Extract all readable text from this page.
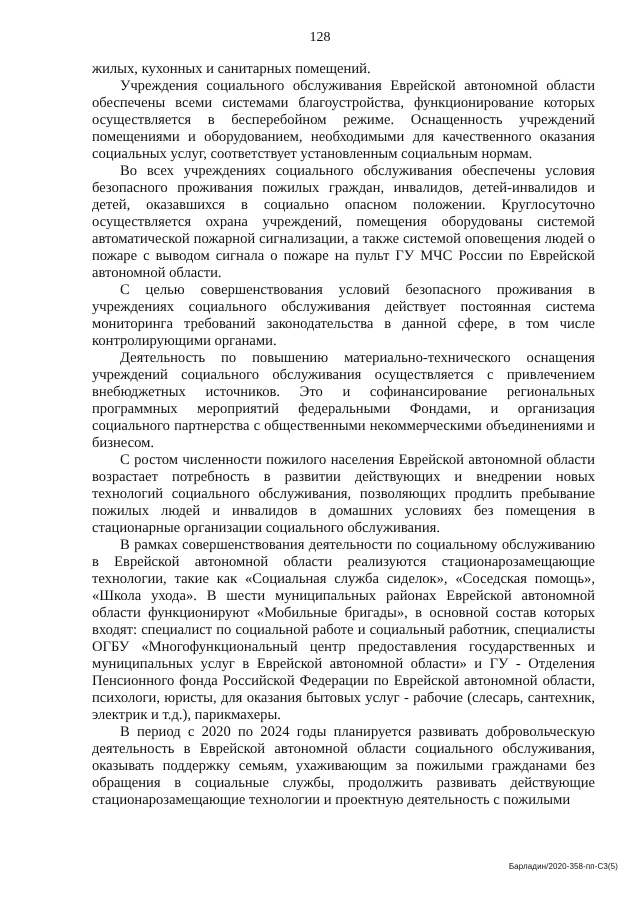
128

жилых, кухонных и санитарных помещений.

Учреждения социального обслуживания Еврейской автономной области обеспечены всеми системами благоустройства, функционирование которых осуществляется в бесперебойном режиме. Оснащенность учреждений помещениями и оборудованием, необходимыми для качественного оказания социальных услуг, соответствует установленным социальным нормам.

Во всех учреждениях социального обслуживания обеспечены условия безопасного проживания пожилых граждан, инвалидов, детей-инвалидов и детей, оказавшихся в социально опасном положении. Круглосуточно осуществляется охрана учреждений, помещения оборудованы системой автоматической пожарной сигнализации, а также системой оповещения людей о пожаре с выводом сигнала о пожаре на пульт ГУ МЧС России по Еврейской автономной области.

С целью совершенствования условий безопасного проживания в учреждениях социального обслуживания действует постоянная система мониторинга требований законодательства в данной сфере, в том числе контролирующими органами.

Деятельность по повышению материально-технического оснащения учреждений социального обслуживания осуществляется с привлечением внебюджетных источников. Это и софинансирование региональных программных мероприятий федеральными Фондами, и организация социального партнерства с общественными некоммерческими объединениями и бизнесом.

С ростом численности пожилого населения Еврейской автономной области возрастает потребность в развитии действующих и внедрении новых технологий социального обслуживания, позволяющих продлить пребывание пожилых людей и инвалидов в домашних условиях без помещения в стационарные организации социального обслуживания.

В рамках совершенствования деятельности по социальному обслуживанию в Еврейской автономной области реализуются стационарозамещающие технологии, такие как «Социальная служба сиделок», «Соседская помощь», «Школа ухода». В шести муниципальных районах Еврейской автономной области функционируют «Мобильные бригады», в основной состав которых входят: специалист по социальной работе и социальный работник, специалисты ОГБУ «Многофункциональный центр предоставления государственных и муниципальных услуг в Еврейской автономной области» и ГУ - Отделения Пенсионного фонда Российской Федерации по Еврейской автономной области, психологи, юристы, для оказания бытовых услуг - рабочие (слесарь, сантехник, электрик и т.д.), парикмахеры.

В период с 2020 по 2024 годы планируется развивать добровольческую деятельность в Еврейской автономной области социального обслуживания, оказывать поддержку семьям, ухаживающим за пожилыми гражданами без обращения в социальные службы, продолжить развивать действующие стационарозамещающие технологии и проектную деятельность с пожилыми

Барладин/2020-358-пп-С3(5)
